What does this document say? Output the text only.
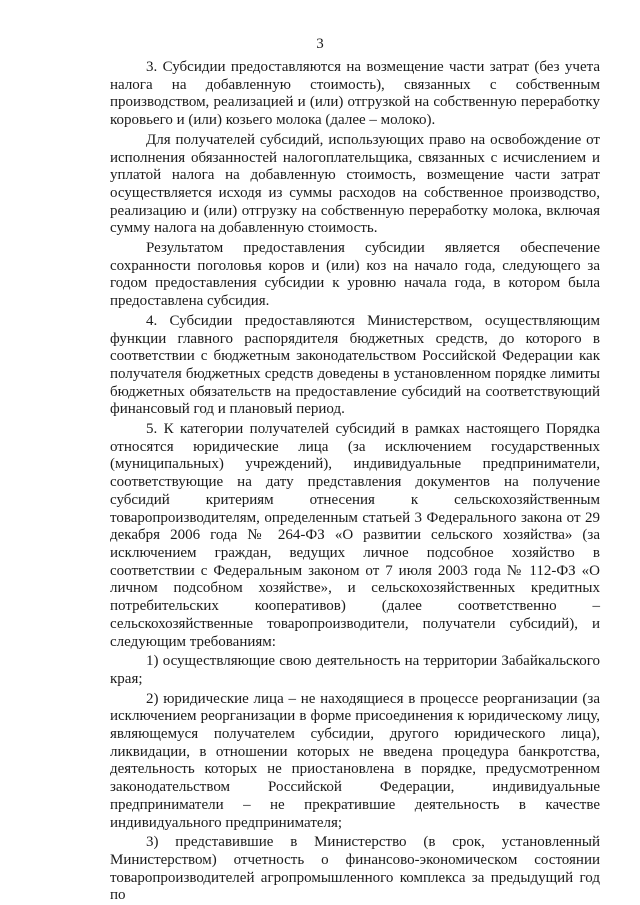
3

3. Субсидии предоставляются на возмещение части затрат (без учета налога на добавленную стоимость), связанных с собственным производством, реализацией и (или) отгрузкой на собственную переработку коровьего и (или) козьего молока (далее – молоко).

Для получателей субсидий, использующих право на освобождение от исполнения обязанностей налогоплательщика, связанных с исчислением и уплатой налога на добавленную стоимость, возмещение части затрат осуществляется исходя из суммы расходов на собственное производство, реализацию и (или) отгрузку на собственную переработку молока, включая сумму налога на добавленную стоимость.

Результатом предоставления субсидии является обеспечение сохранности поголовья коров и (или) коз на начало года, следующего за годом предоставления субсидии к уровню начала года, в котором была предоставлена субсидия.

4. Субсидии предоставляются Министерством, осуществляющим функции главного распорядителя бюджетных средств, до которого в соответствии с бюджетным законодательством Российской Федерации как получателя бюджетных средств доведены в установленном порядке лимиты бюджетных обязательств на предоставление субсидий на соответствующий финансовый год и плановый период.

5. К категории получателей субсидий в рамках настоящего Порядка относятся юридические лица (за исключением государственных (муниципальных) учреждений), индивидуальные предприниматели, соответствующие на дату представления документов на получение субсидий критериям отнесения к сельскохозяйственным товаропроизводителям, определенным статьей 3 Федерального закона от 29 декабря 2006 года № 264-ФЗ «О развитии сельского хозяйства» (за исключением граждан, ведущих личное подсобное хозяйство в соответствии с Федеральным законом от 7 июля 2003 года № 112-ФЗ «О личном подсобном хозяйстве», и сельскохозяйственных кредитных потребительских кооперативов) (далее соответственно – сельскохозяйственные товаропроизводители, получатели субсидий), и следующим требованиям:

1) осуществляющие свою деятельность на территории Забайкальского края;

2) юридические лица – не находящиеся в процессе реорганизации (за исключением реорганизации в форме присоединения к юридическому лицу, являющемуся получателем субсидии, другого юридического лица), ликвидации, в отношении которых не введена процедура банкротства, деятельность которых не приостановлена в порядке, предусмотренном законодательством Российской Федерации, индивидуальные предприниматели – не прекратившие деятельность в качестве индивидуального предпринимателя;

3) представившие в Министерство (в срок, установленный Министерством) отчетность о финансово-экономическом состоянии товаропроизводителей агропромышленного комплекса за предыдущий год по
